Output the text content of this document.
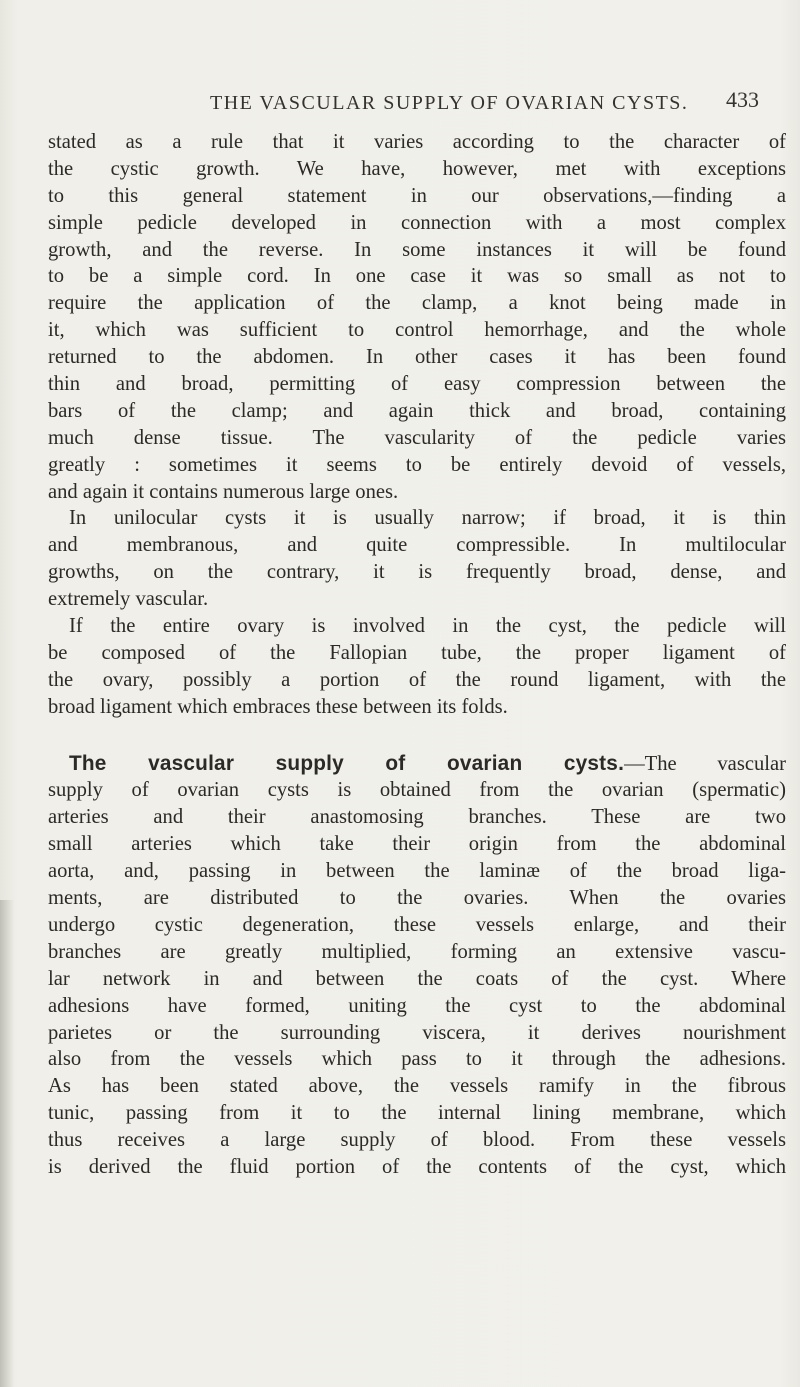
THE VASCULAR SUPPLY OF OVARIAN CYSTS. 433
stated as a rule that it varies according to the character of
the cystic growth. We have, however, met with exceptions
to this general statement in our observations,—finding a
simple pedicle developed in connection with a most complex
growth, and the reverse. In some instances it will be found
to be a simple cord. In one case it was so small as not to
require the application of the clamp, a knot being made in
it, which was sufficient to control hemorrhage, and the whole
returned to the abdomen. In other cases it has been found
thin and broad, permitting of easy compression between the
bars of the clamp; and again thick and broad, containing
much dense tissue. The vascularity of the pedicle varies
greatly : sometimes it seems to be entirely devoid of vessels,
and again it contains numerous large ones.
In unilocular cysts it is usually narrow; if broad, it is thin
and membranous, and quite compressible. In multilocular
growths, on the contrary, it is frequently broad, dense, and
extremely vascular.
If the entire ovary is involved in the cyst, the pedicle will
be composed of the Fallopian tube, the proper ligament of
the ovary, possibly a portion of the round ligament, with the
broad ligament which embraces these between its folds.
The vascular supply of ovarian cysts.—The vascular
supply of ovarian cysts is obtained from the ovarian (spermatic)
arteries and their anastomosing branches. These are two
small arteries which take their origin from the abdominal
aorta, and, passing in between the laminæ of the broad liga-
ments, are distributed to the ovaries. When the ovaries
undergo cystic degeneration, these vessels enlarge, and their
branches are greatly multiplied, forming an extensive vascu-
lar network in and between the coats of the cyst. Where
adhesions have formed, uniting the cyst to the abdominal
parietes or the surrounding viscera, it derives nourishment
also from the vessels which pass to it through the adhesions.
As has been stated above, the vessels ramify in the fibrous
tunic, passing from it to the internal lining membrane, which
thus receives a large supply of blood. From these vessels
is derived the fluid portion of the contents of the cyst, which
